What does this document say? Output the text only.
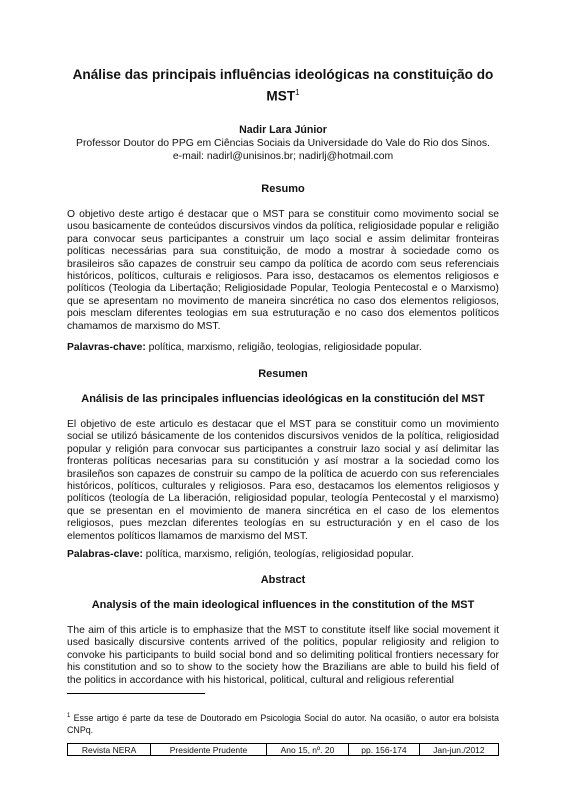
Análise das principais influências ideológicas na constituição do MST$^1$
Nadir Lara Júnior
Professor Doutor do PPG em Ciências Sociais da Universidade do Vale do Rio dos Sinos.
e-mail: nadirl@unisinos.br; nadirlj@hotmail.com
Resumo
O objetivo deste artigo é destacar que o MST para se constituir como movimento social se usou basicamente de conteúdos discursivos vindos da política, religiosidade popular e religião para convocar seus participantes a construir um laço social e assim delimitar fronteiras políticas necessárias para sua constituição, de modo a mostrar à sociedade como os brasileiros são capazes de construir seu campo da política de acordo com seus referenciais históricos, políticos, culturais e religiosos. Para isso, destacamos os elementos religiosos e políticos (Teologia da Libertação; Religiosidade Popular, Teologia Pentecostal e o Marxismo) que se apresentam no movimento de maneira sincrética no caso dos elementos religiosos, pois mesclam diferentes teologias em sua estruturação e no caso dos elementos políticos chamamos de marxismo do MST.
Palavras-chave: política, marxismo, religião, teologias, religiosidade popular.
Resumen
Análisis de las principales influencias ideológicas en la constitución del MST
El objetivo de este articulo es destacar que el MST para se constituir como un movimiento social se utilizó básicamente de los contenidos discursivos venidos de la política, religiosidad popular y religión para convocar sus participantes a construir lazo social y así delimitar las fronteras políticas necesarias para su constitución y así mostrar a la sociedad como los brasileños son capazes de construir su campo de la política de acuerdo con sus referenciales históricos, políticos, culturales y religiosos. Para eso, destacamos los elementos religiosos y políticos (teología de La liberación, religiosidad popular, teología Pentecostal y el marxismo) que se presentan en el movimiento de manera sincrética en el caso de los elementos religiosos, pues mezclan diferentes teologías en su estructuración y en el caso de los elementos políticos llamamos de marxismo del MST.
Palabras-clave: política, marxismo, religión, teologías, religiosidad popular.
Abstract
Analysis of the main ideological influences in the constitution of the MST
The aim of this article is to emphasize that the MST to constitute itself like social movement it used basically discursive contents arrived of the politics, popular religiosity and religion to convoke his participants to build social bond and so delimiting political frontiers necessary for his constitution and so to show to the society how the Brazilians are able to build his field of the politics in accordance with his historical, political, cultural and religious referential
$^1$ Esse artigo é parte da tese de Doutorado em Psicologia Social do autor. Na ocasião, o autor era bolsista CNPq.
Revista NERA	Presidente Prudente	Ano 15, nº. 20	pp. 156-174	Jan-jun./2012
